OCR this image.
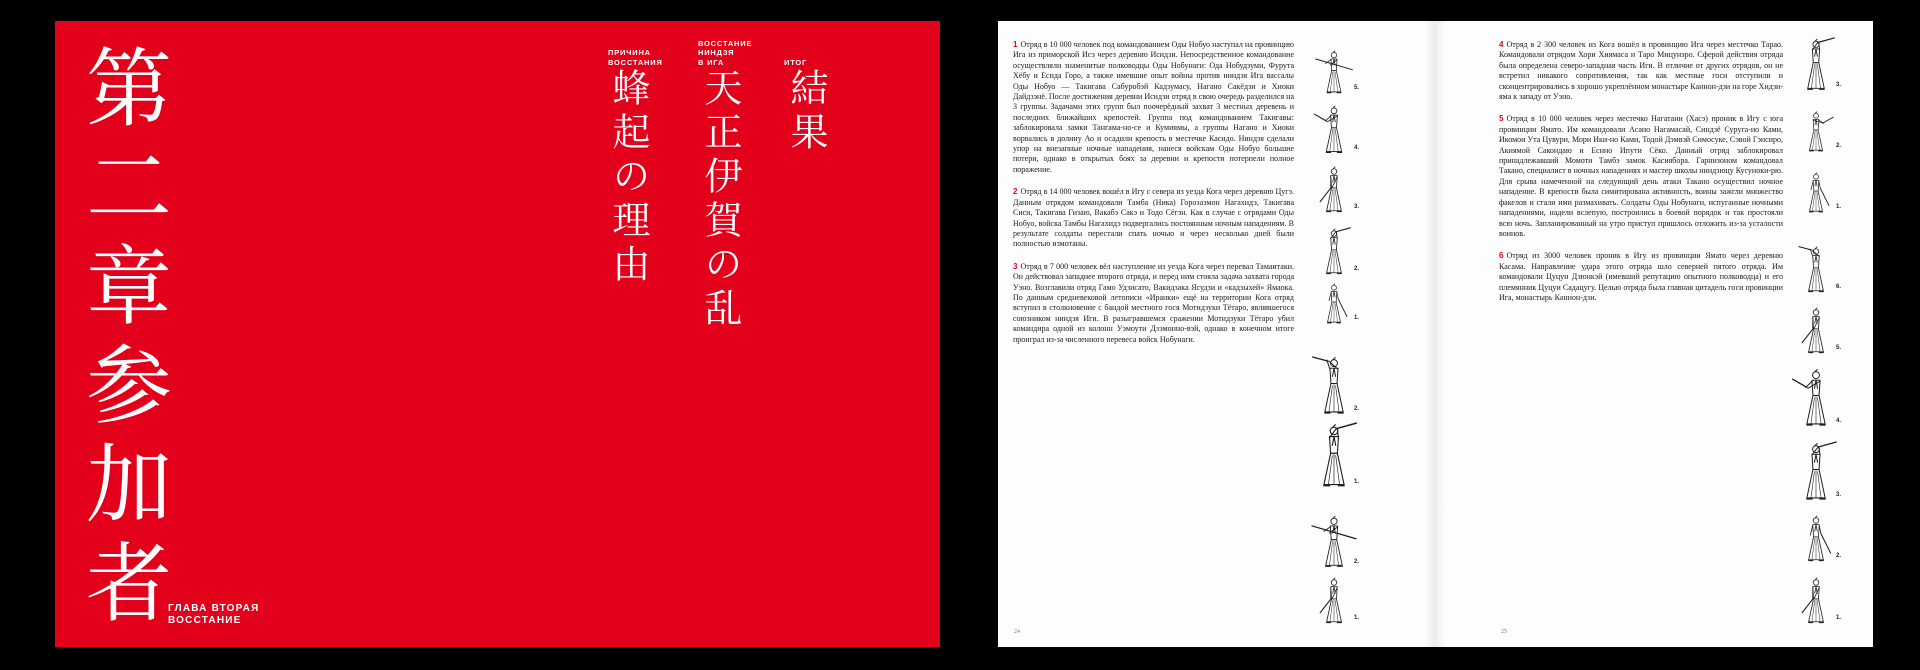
第二章参加者	ПРИЧИНА
ВОССТАНИЯ
蜂起の理由
ВОССТАНИЕ
НИНДЗЯ
В ИГА
天正伊賀の乱
ИТОГ
結果
ГЛАВА ВТОРАЯ
ВОССТАНИЕ

1 Отряд в 10 000 человек под командованием Оды Нобуо наступал на провинцию Ига из приморской Исэ через деревню Исидзи. Непосредственное командование осуществляли знаменитые полководцы Оды Нобунаги: Ода Нобудзуми, Фурута Хёбу и Есида Горо, а также имевшие опыт войны против ниндзя Ига вассалы Оды Нобуо — Такигава Сабуробэй Кадзумасу, Нагано Сакёдзи и Хиоки Дайдзэнё. После достижения деревни Исидзи отряд в свою очередь разделился на 3 группы. Задачами этих групп был поочерёдный захват 3 местных деревень и последних ближайших крепостей. Группа под командованием Такигавы: заблокировала замки Тангама-но-се и Кумиямы, а группы Нагано и Хиоки ворвались в долину Ао и осадили крепость в местечке Касидо. Ниндзя сделали упор на внезапные ночные нападения, нанеся войскам Оды Нобуо большие потери, однако в открытых боях за деревни и крепости потерпели полное поражение.

2 Отряд в 14 000 человек вошёл в Игу с севера из уезда Кога через деревню Цугэ. Данным отрядом командовали Тамба (Ника) Горозаэмон Нагахидэ, Такигава Сиси, Такигава Гизаю, Вакабэ Сакэ и Тодо Сёгэн. Как в случае с отрядами Оды Нобуо, войска Тамбы Нагахидэ подвергались постоянным ночным нападениям. В результате солдаты перестали спать ночью и через несколько дней были полностью измотаны.

3 Отряд в 7 000 человек вёл наступление из уезда Кога через перевал Тамаитаки. Он действовал западнее второго отряда, и перед ним стояла задача захвата города Уэно. Возглавили отряд Гамо Удзисато, Вакидзака Ясудзи и «кадзыхей» Ямаока. По данным средневековой летописи «Иранки» ещё на территории Кога отряд вступил в столкновение с бандой местного гося Мотидзуки Тётаро, являвшегося союзником ниндзя Иги. В разыгравшемся сражении Мотидзуки Тётаро убил командира одной из колонн Уэмоути Дзэмонно-вэй, однако в конечном итоге проиграл из-за численного перевеса войск Нобунаги.

4 Отряд в 2 300 человек из Кога вошёл в провинцию Ига через местечко Тарао. Командовали отрядом Хори Хиямаса и Таро Мицунэро. Сферой действия отряда была определена северо-западная часть Иги. В отличие от других отрядов, он не встретил никакого сопротивления, так как местные госи отступили и сконцентрировались в хорошо укреплённом монастыре Каннон-дзи на горе Хидзи-яма к западу от Уэно.

5 Отряд в 10 000 человек через местечко Нагатани (Хасэ) проник в Игу с юга провинции Ямато. Им командовали Асано Нагамасай, Синдзё Суруга-но Ками, Икомои Ута Цувури, Мори Ики-но Ками, Тодой Дэмвэй Симосуке, Сэвой Гэнсиро, Акиямой Сакондаю и Есино Ипути Сёко. Данный отряд заблокировал принадлежавший Момоти Тамбэ замок Касиябора. Гарнизоном командовал Такано, специалист в ночных нападениях и мастер школы ниндзюцу Кусуноки-рю. Для срыва намеченной на следующий день атаки Такано осуществил ночное нападение. В крепости была симитирована активность, воины зажгли множество факелов и стали ими размахивать. Солдаты Оды Нобунаги, испуганные ночными нападениями, надели вслепую, построились в боевой порядок и так простояли всю ночь. Запланированный на утро приступ пришлось отложить из-за усталости воинов.

6 Отряд из 3000 человек проник в Игу из провинции Ямато через деревню Касама. Направление удара этого отряда шло северней пятого отряда. Им командовали Цуцуи Дзюнкэй (имевший репутацию опытного полководца) и его племянник Цуцуи Садацугу. Целью отряда была главная цитадель госи провинции Ига, монастырь Каннон-дзи.

24	25
5.
4.
3.
2.
1.
2.
1.
2.
1.
3.
2.
1.
6.
5.
4.
3.
2.
1.
